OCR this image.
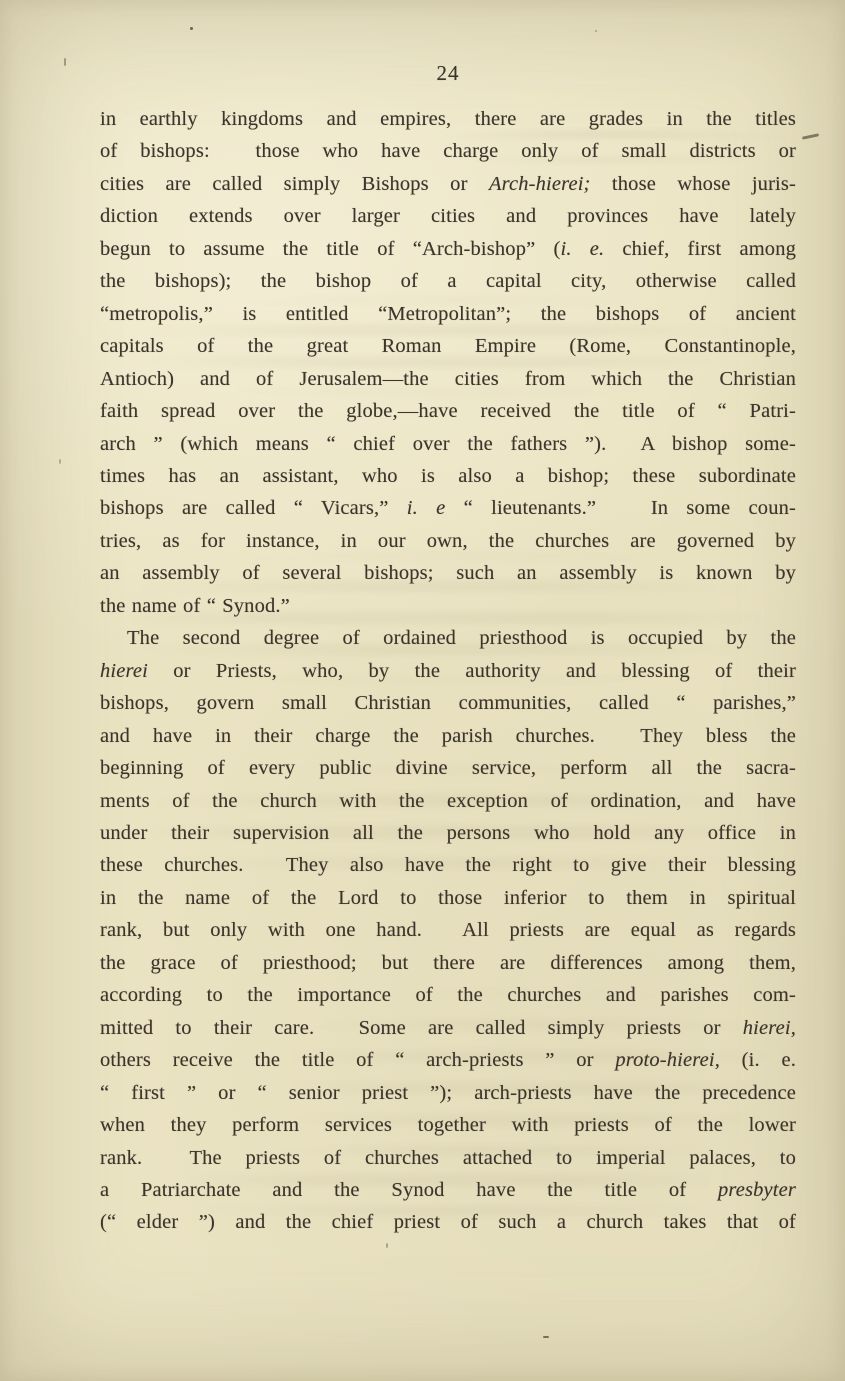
24
in earthly kingdoms and empires, there are grades in the titles
of bishops:  those who have charge only of small districts or
cities are called simply Bishops or Arch-hierei; those whose juris-
diction extends over larger cities and provinces have lately
begun to assume the title of “Arch-bishop” (i. e. chief, first among
the bishops); the bishop of a capital city, otherwise called
“metropolis,” is entitled “Metropolitan”; the bishops of ancient
capitals of the great Roman Empire (Rome, Constantinople,
Antioch) and of Jerusalem—the cities from which the Christian
faith spread over the globe,—have received the title of “ Patri-
arch ” (which means “ chief over the fathers ”).  A bishop some-
times has an assistant, who is also a bishop; these subordinate
bishops are called “ Vicars,” i. e “ lieutenants.”   In some coun-
tries, as for instance, in our own, the churches are governed by
an assembly of several bishops; such an assembly is known by
the name of “ Synod.”
The second degree of ordained priesthood is occupied by the
hierei or Priests, who, by the authority and blessing of their
bishops, govern small Christian communities, called “ parishes,”
and have in their charge the parish churches.  They bless the
beginning of every public divine service, perform all the sacra-
ments of the church with the exception of ordination, and have
under their supervision all the persons who hold any office in
these churches.  They also have the right to give their blessing
in the name of the Lord to those inferior to them in spiritual
rank, but only with one hand.  All priests are equal as regards
the grace of priesthood; but there are differences among them,
according to the importance of the churches and parishes com-
mitted to their care.  Some are called simply priests or hierei,
others receive the title of “ arch-priests ” or proto-hierei, (i. e.
“ first ” or “ senior priest ”); arch-priests have the precedence
when they perform services together with priests of the lower
rank.  The priests of churches attached to imperial palaces, to
a Patriarchate and the Synod have the title of presbyter
(“ elder ”) and the chief priest of such a church takes that of
